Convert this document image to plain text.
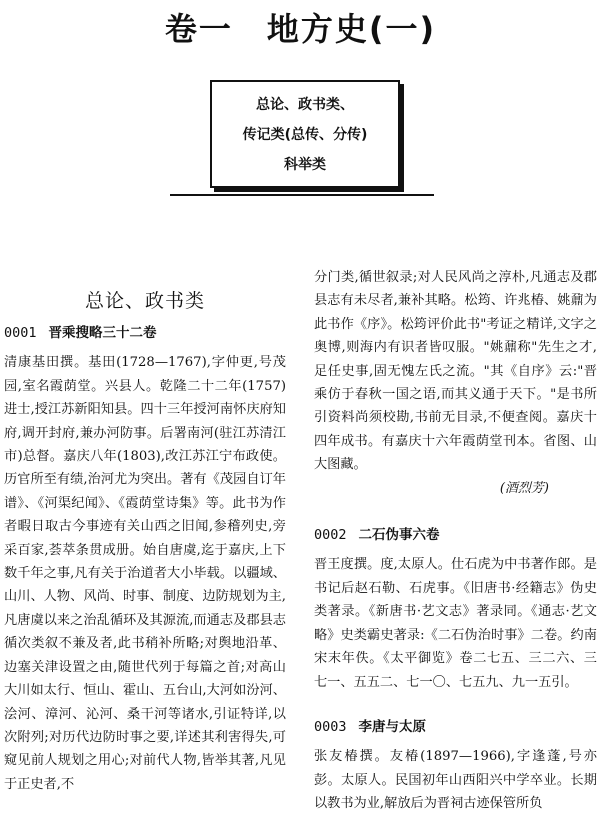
卷一　地方史(一)
总论、政书类、
传记类(总传、分传)
科举类
总论、政书类
0001 晋乘搜略三十二卷

清康基田撰。基田(1728—1767),字仲更,号茂园,室名霞荫堂。兴县人。乾隆二十二年(1757)进士,授江苏新阳知县。四十三年授河南怀庆府知府,调开封府,兼办河防事。后署南河(驻江苏清江市)总督。嘉庆八年(1803),改江苏江宁布政使。历官所至有绩,治河尤为突出。著有《茂园自订年谱》、《河渠纪闻》、《霞荫堂诗集》等。此书为作者暇日取古今事迹有关山西之旧闻,参稽列史,旁采百家,荟萃条贯成册。始自唐虞,迄于嘉庆,上下数千年之事,凡有关于治道者大小毕载。以疆域、山川、人物、风尚、时事、制度、边防规划为主,凡唐虞以来之治乱循环及其源流,而通志及郡县志循次类叙不兼及者,此书稍补所略;对舆地沿革、边塞关津设置之由,随世代列于每篇之首;对高山大川如太行、恒山、霍山、五台山,大河如汾河、浍河、漳河、沁河、桑干河等诸水,引证特详,以次附列;对历代边防时事之要,详述其利害得失,可窥见前人规划之用心;对前代人物,皆举其著,凡见于正史者,不

分门类,循世叙录;对人民风尚之淳朴,凡通志及郡县志有未尽者,兼补其略。松筠、许兆椿、姚鼐为此书作《序》。松筠评价此书"考证之精详,文字之奥博,则海内有识者皆叹服。"姚鼐称"先生之才,足任史事,固无愧左氏之流。"其《自序》云:"晋乘仿于春秋一国之语,而其义通于天下。"是书所引资料尚须校勘,书前无目录,不便查阅。嘉庆十四年成书。有嘉庆十六年霞荫堂刊本。省图、山大图藏。

(酒烈芳)
0002 二石伪事六卷

晋王度撰。度,太原人。仕石虎为中书著作郎。是书记后赵石勒、石虎事。《旧唐书·经籍志》伪史类著录。《新唐书·艺文志》著录同。《通志·艺文略》史类霸史著录:《二石伪治时事》二卷。约南宋末年佚。《太平御览》卷二七五、三二六、三七一、五五二、七一〇、七五九、九一五引。

0003 李唐与太原

张友椿撰。友椿(1897—1966),字逢蓬,号亦彭。太原人。民国初年山西阳兴中学卒业。长期以教书为业,解放后为晋祠古迹保管所负
